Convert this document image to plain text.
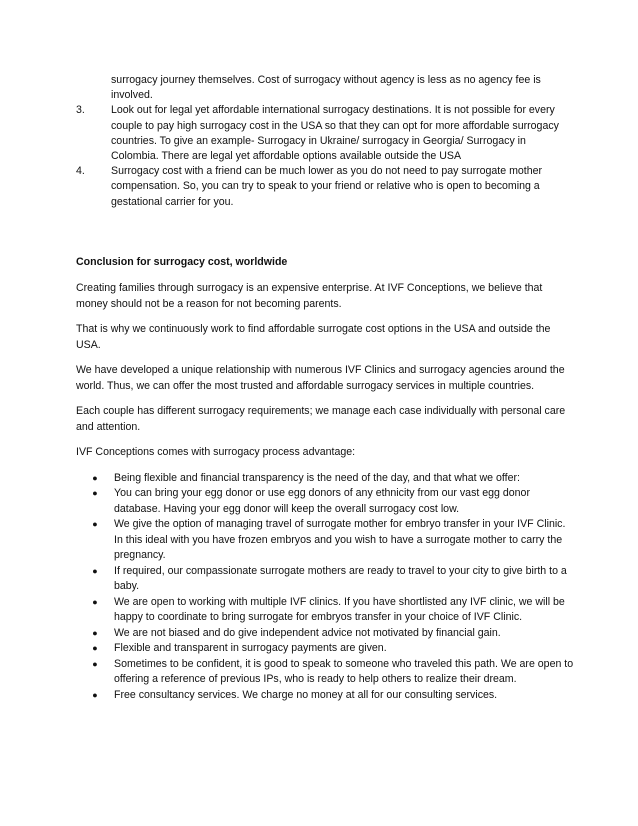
surrogacy journey themselves. Cost of surrogacy without agency is less as no agency fee is involved.
3.	Look out for legal yet affordable international surrogacy destinations. It is not possible for every couple to pay high surrogacy cost in the USA so that they can opt for more affordable surrogacy countries. To give an example- Surrogacy in Ukraine/ surrogacy in Georgia/ Surrogacy in Colombia. There are legal yet affordable options available outside the USA
4.	Surrogacy cost with a friend can be much lower as you do not need to pay surrogate mother compensation. So, you can try to speak to your friend or relative who is open to becoming a gestational carrier for you.

Conclusion for surrogacy cost, worldwide

Creating families through surrogacy is an expensive enterprise. At IVF Conceptions, we believe that money should not be a reason for not becoming parents.

That is why we continuously work to find affordable surrogate cost options in the USA and outside the USA.

We have developed a unique relationship with numerous IVF Clinics and surrogacy agencies around the world. Thus, we can offer the most trusted and affordable surrogacy services in multiple countries.

Each couple has different surrogacy requirements; we manage each case individually with personal care and attention.

IVF Conceptions comes with surrogacy process advantage:

●	Being flexible and financial transparency is the need of the day, and that what we offer:
●	You can bring your egg donor or use egg donors of any ethnicity from our vast egg donor database. Having your egg donor will keep the overall surrogacy cost low.
●	We give the option of managing travel of surrogate mother for embryo transfer in your IVF Clinic. In this ideal with you have frozen embryos and you wish to have a surrogate mother to carry the pregnancy.
●	If required, our compassionate surrogate mothers are ready to travel to your city to give birth to a baby.
●	We are open to working with multiple IVF clinics. If you have shortlisted any IVF clinic, we will be happy to coordinate to bring surrogate for embryos transfer in your choice of IVF Clinic.
●	We are not biased and do give independent advice not motivated by financial gain.
●	Flexible and transparent in surrogacy payments are given.
●	Sometimes to be confident, it is good to speak to someone who traveled this path. We are open to offering a reference of previous IPs, who is ready to help others to realize their dream.
●	Free consultancy services. We charge no money at all for our consulting services.
